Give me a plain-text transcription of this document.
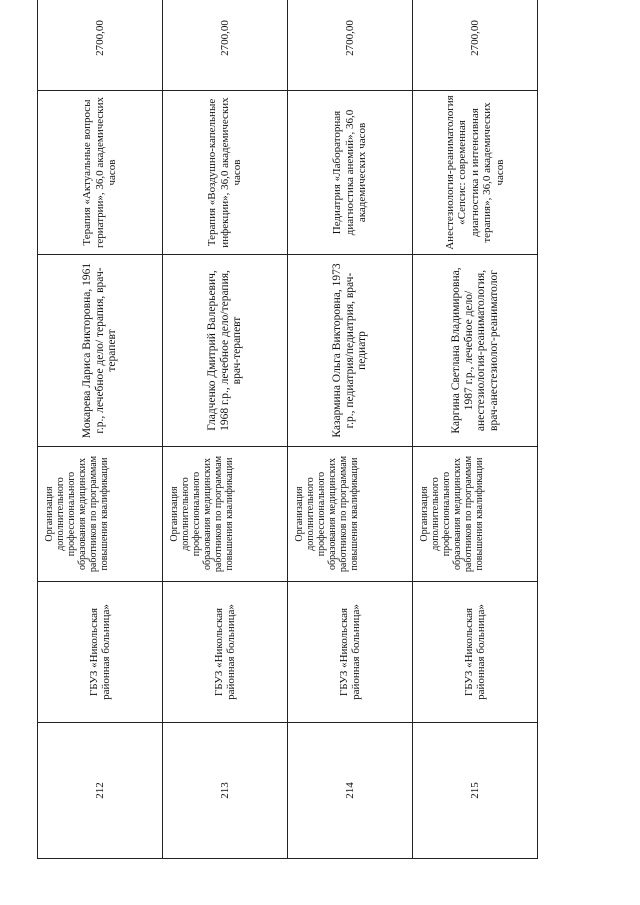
212	ГБУЗ «Никольская районная больница»	Организация дополнительного профессионального образования медицинских работников по программам повышения квалификации	Мокарева Лариса Викторовна, 1961 г.р., лечебное дело/ терапия, врач-терапевт	Терапия «Актуальные вопросы гериатрии», 36,0 академических часов	2700,00
213	ГБУЗ «Никольская районная больница»	Организация дополнительного профессионального образования медицинских работников по программам повышения квалификации	Гладченко Дмитрий Валерьевич, 1968 г.р., лечебное дело/терапия, врач-терапевт	Терапия «Воздушно-капельные инфекции», 36,0 академических часов	2700,00
214	ГБУЗ «Никольская районная больница»	Организация дополнительного профессионального образования медицинских работников по программам повышения квалификации	Казармина Ольга Викторовна, 1973 г.р., педиатрия/педиатрия, врач-педиатр	Педиатрия «Лабораторная диагностика анемий», 36,0 академических часов	2700,00
215	ГБУЗ «Никольская районная больница»	Организация дополнительного профессионального образования медицинских работников по программам повышения квалификации	Каргина Светлана Владимировна, 1987 г.р., лечебное дело/анестезиология-реаниматология, врач-анестезиолог-реаниматолог	Анестезиология-реаниматология «Сепсис: современная диагностика и интенсивная терапия», 36,0 академических часов	2700,00
